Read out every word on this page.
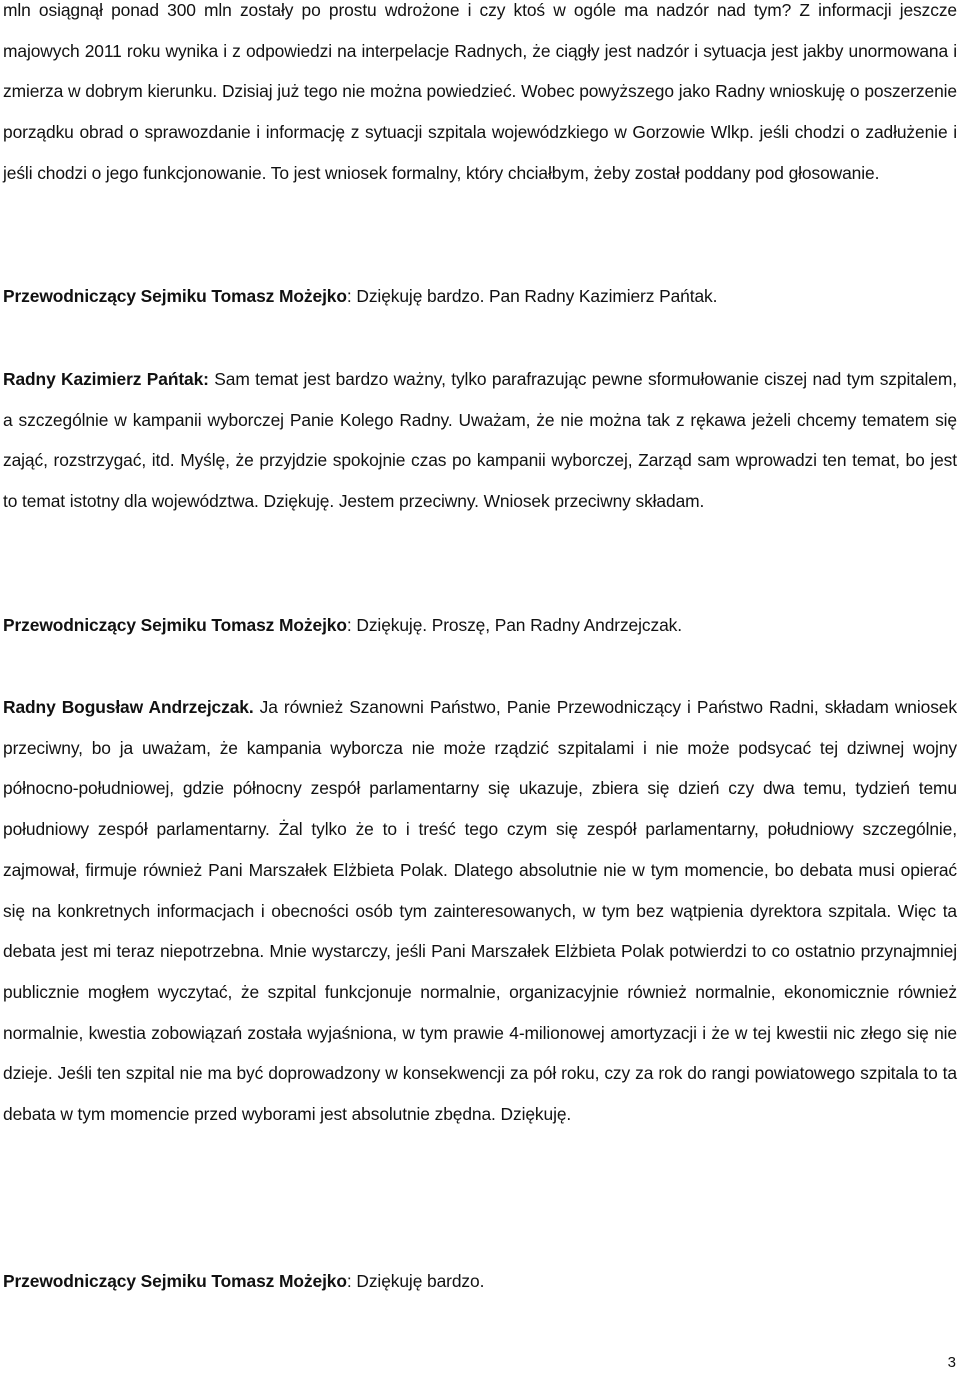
mln osiągnął ponad 300 mln zostały po prostu wdrożone i czy ktoś w ogóle ma nadzór nad tym? Z informacji jeszcze majowych 2011 roku wynika i z odpowiedzi na interpelacje Radnych, że ciągły jest nadzór i sytuacja jest jakby unormowana i zmierza w dobrym kierunku. Dzisiaj już tego nie można powiedzieć. Wobec powyższego jako Radny wnioskuję o poszerzenie porządku obrad o sprawozdanie i informację z sytuacji szpitala wojewódzkiego w Gorzowie Wlkp. jeśli chodzi o zadłużenie i jeśli chodzi o jego funkcjonowanie. To jest wniosek formalny, który chciałbym, żeby został poddany pod głosowanie.

Przewodniczący Sejmiku Tomasz Możejko: Dziękuję bardzo. Pan Radny Kazimierz Pańtak.

Radny Kazimierz Pańtak: Sam temat jest bardzo ważny, tylko parafrazując pewne sformułowanie ciszej nad tym szpitalem, a szczególnie w kampanii wyborczej Panie Kolego Radny. Uważam, że nie można tak z rękawa jeżeli chcemy tematem się zająć, rozstrzygać, itd. Myślę, że przyjdzie spokojnie czas po kampanii wyborczej, Zarząd sam wprowadzi ten temat, bo jest to temat istotny dla województwa. Dziękuję. Jestem przeciwny. Wniosek przeciwny składam.

Przewodniczący Sejmiku Tomasz Możejko: Dziękuję. Proszę, Pan Radny Andrzejczak.

Radny Bogusław Andrzejczak. Ja również Szanowni Państwo, Panie Przewodniczący i Państwo Radni, składam wniosek przeciwny, bo ja uważam, że kampania wyborcza nie może rządzić szpitalami i nie może podsycać tej dziwnej wojny północno-południowej, gdzie północny zespół parlamentarny się ukazuje, zbiera się dzień czy dwa temu, tydzień temu południowy zespół parlamentarny. Żal tylko że to i treść tego czym się zespół parlamentarny, południowy szczególnie, zajmował, firmuje również Pani Marszałek Elżbieta Polak. Dlatego absolutnie nie w tym momencie, bo debata musi opierać się na konkretnych informacjach i obecności osób tym zainteresowanych, w tym bez wątpienia dyrektora szpitala. Więc ta debata jest mi teraz niepotrzebna. Mnie wystarczy, jeśli Pani Marszałek Elżbieta Polak potwierdzi to co ostatnio przynajmniej publicznie mogłem wyczytać, że szpital funkcjonuje normalnie, organizacyjnie również normalnie, ekonomicznie również normalnie, kwestia zobowiązań została wyjaśniona, w tym prawie 4-milionowej amortyzacji i że w tej kwestii nic złego się nie dzieje. Jeśli ten szpital nie ma być doprowadzony w konsekwencji za pół roku, czy za rok do rangi powiatowego szpitala to ta debata w tym momencie przed wyborami jest absolutnie zbędna. Dziękuję.

Przewodniczący Sejmiku Tomasz Możejko: Dziękuję bardzo.

3
